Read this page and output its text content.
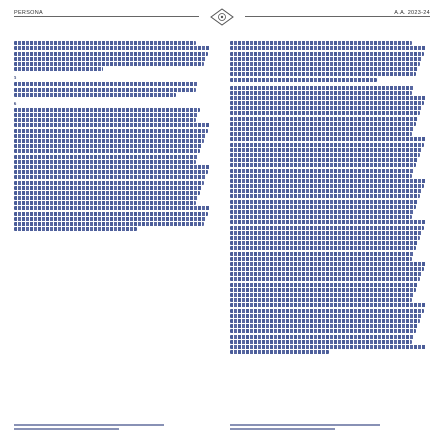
PERSONA	A.A. 2023-24
5
6
